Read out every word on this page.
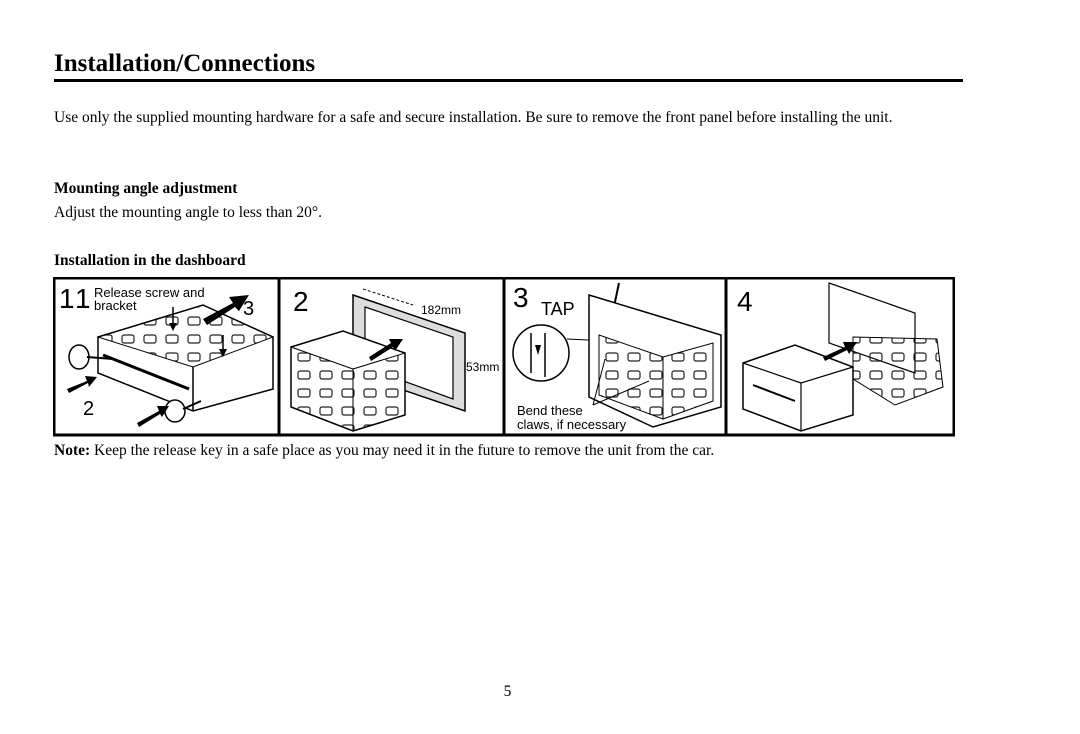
Installation/Connections
Use only the supplied mounting hardware for a safe and secure installation. Be sure to remove the front panel before installing the unit.
Mounting angle adjustment
Adjust the mounting angle to less than 20°.
Installation in the dashboard
1 1 Release screw and
bracket	3
2
2	182mm
53mm
3 TAP
Bend these
claws, if necessary
4
Note: Keep the release key in a safe place as you may need it in the future to remove the unit from the car.
5
